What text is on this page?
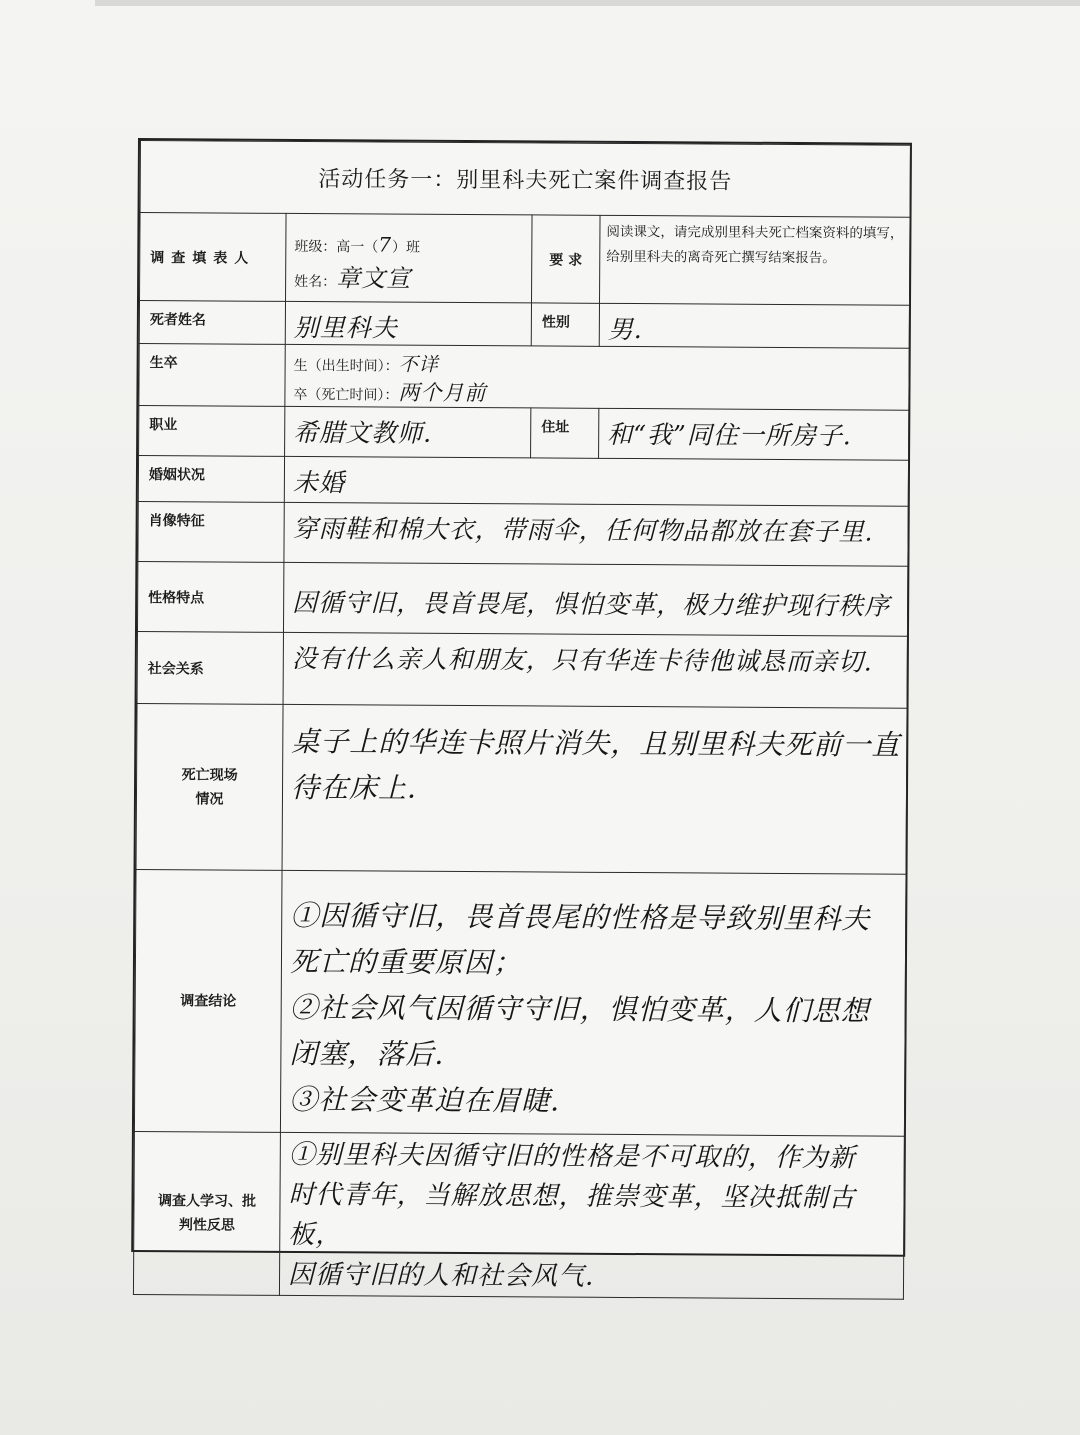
活动任务一：别里科夫死亡案件调查报告			
调查填表人	班级：高一（7）班
姓名：章文宣	要 求	阅读课文，请完成别里科夫死亡档案资料的填写，给别里科夫的离奇死亡撰写结案报告。
死者姓名	别里科夫	性别	男.
生卒	生（出生时间）：不详
卒（死亡时间）：两个月前		

职业	希腊文教师.	住址	和“我”同住一所房子.
婚姻状况	未婚		
肖像特征	穿雨鞋和棉大衣，带雨伞，任何物品都放在套子里.		
性格特点	因循守旧，畏首畏尾，惧怕变革，极力维护现行秩序		
社会关系	没有什么亲人和朋友，只有华连卡待他诚恳而亲切.		

死亡现场
情况	桌子上的华连卡照片消失，且别里科夫死前一直
待在床上.		

调查结论	①因循守旧，畏首畏尾的性格是导致别里科夫
死亡的重要原因；
②社会风气因循守守旧，惧怕变革，人们思想
闭塞，落后.
③社会变革迫在眉睫.		

调查人学习、批
判性反思	①别里科夫因循守旧的性格是不可取的，作为新
时代青年，当解放思想，推崇变革，坚决抵制古板，
因循守旧的人和社会风气.		
